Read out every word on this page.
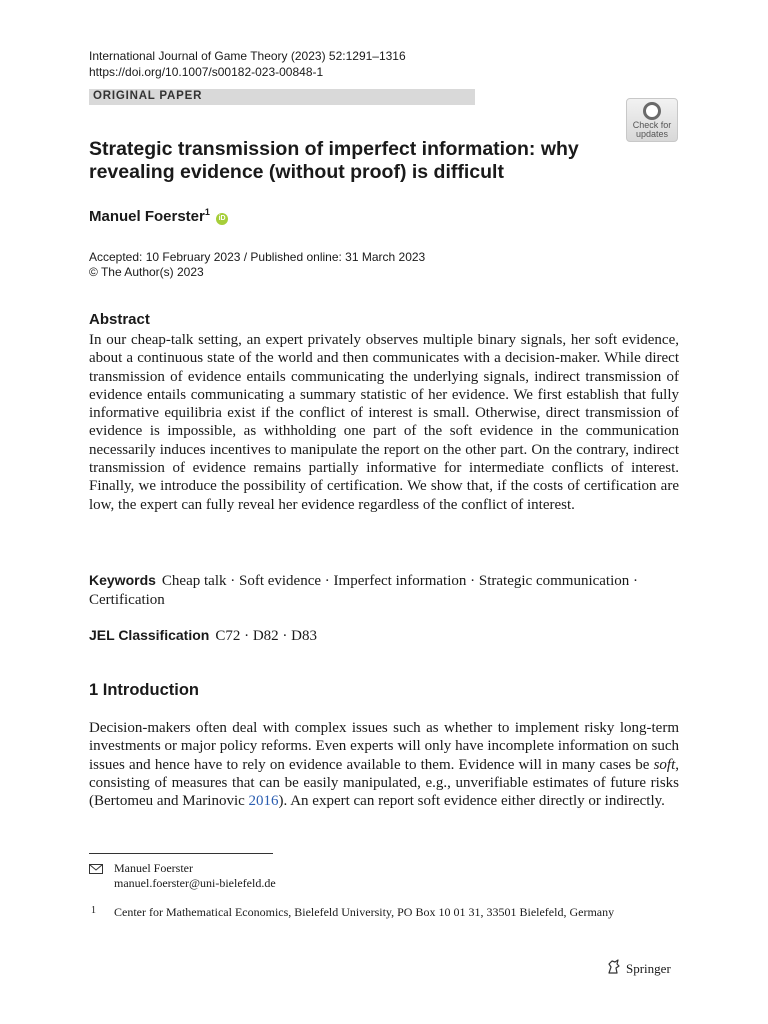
International Journal of Game Theory (2023) 52:1291–1316
https://doi.org/10.1007/s00182-023-00848-1
ORIGINAL PAPER
Check for
updates
Strategic transmission of imperfect information: why
revealing evidence (without proof) is difficult
Manuel Foerster$^1$ iD
Accepted: 10 February 2023 / Published online: 31 March 2023
© The Author(s) 2023
Abstract
In our cheap-talk setting, an expert privately observes multiple binary signals, her soft evidence, about a continuous state of the world and then communicates with a decision-maker. While direct transmission of evidence entails communicating the underlying signals, indirect transmission of evidence entails communicating a summary statistic of her evidence. We first establish that fully informative equilibria exist if the conflict of interest is small. Otherwise, direct transmission of evidence is impossible, as withholding one part of the soft evidence in the communication necessarily induces incentives to manipulate the report on the other part. On the contrary, indirect transmission of evidence remains partially informative for intermediate conflicts of interest. Finally, we introduce the possibility of certification. We show that, if the costs of certification are low, the expert can fully reveal her evidence regardless of the conflict of interest.
Keywords Cheap talk · Soft evidence · Imperfect information · Strategic communication · Certification
JEL Classification C72 · D82 · D83
1 Introduction
Decision-makers often deal with complex issues such as whether to implement risky long-term investments or major policy reforms. Even experts will only have incomplete information on such issues and hence have to rely on evidence available to them. Evidence will in many cases be soft, consisting of measures that can be easily manipulated, e.g., unverifiable estimates of future risks (Bertomeu and Marinovic 2016). An expert can report soft evidence either directly or indirectly.
Manuel Foerster
manuel.foerster@uni-bielefeld.de
1 Center for Mathematical Economics, Bielefeld University, PO Box 10 01 31, 33501 Bielefeld, Germany
Springer
